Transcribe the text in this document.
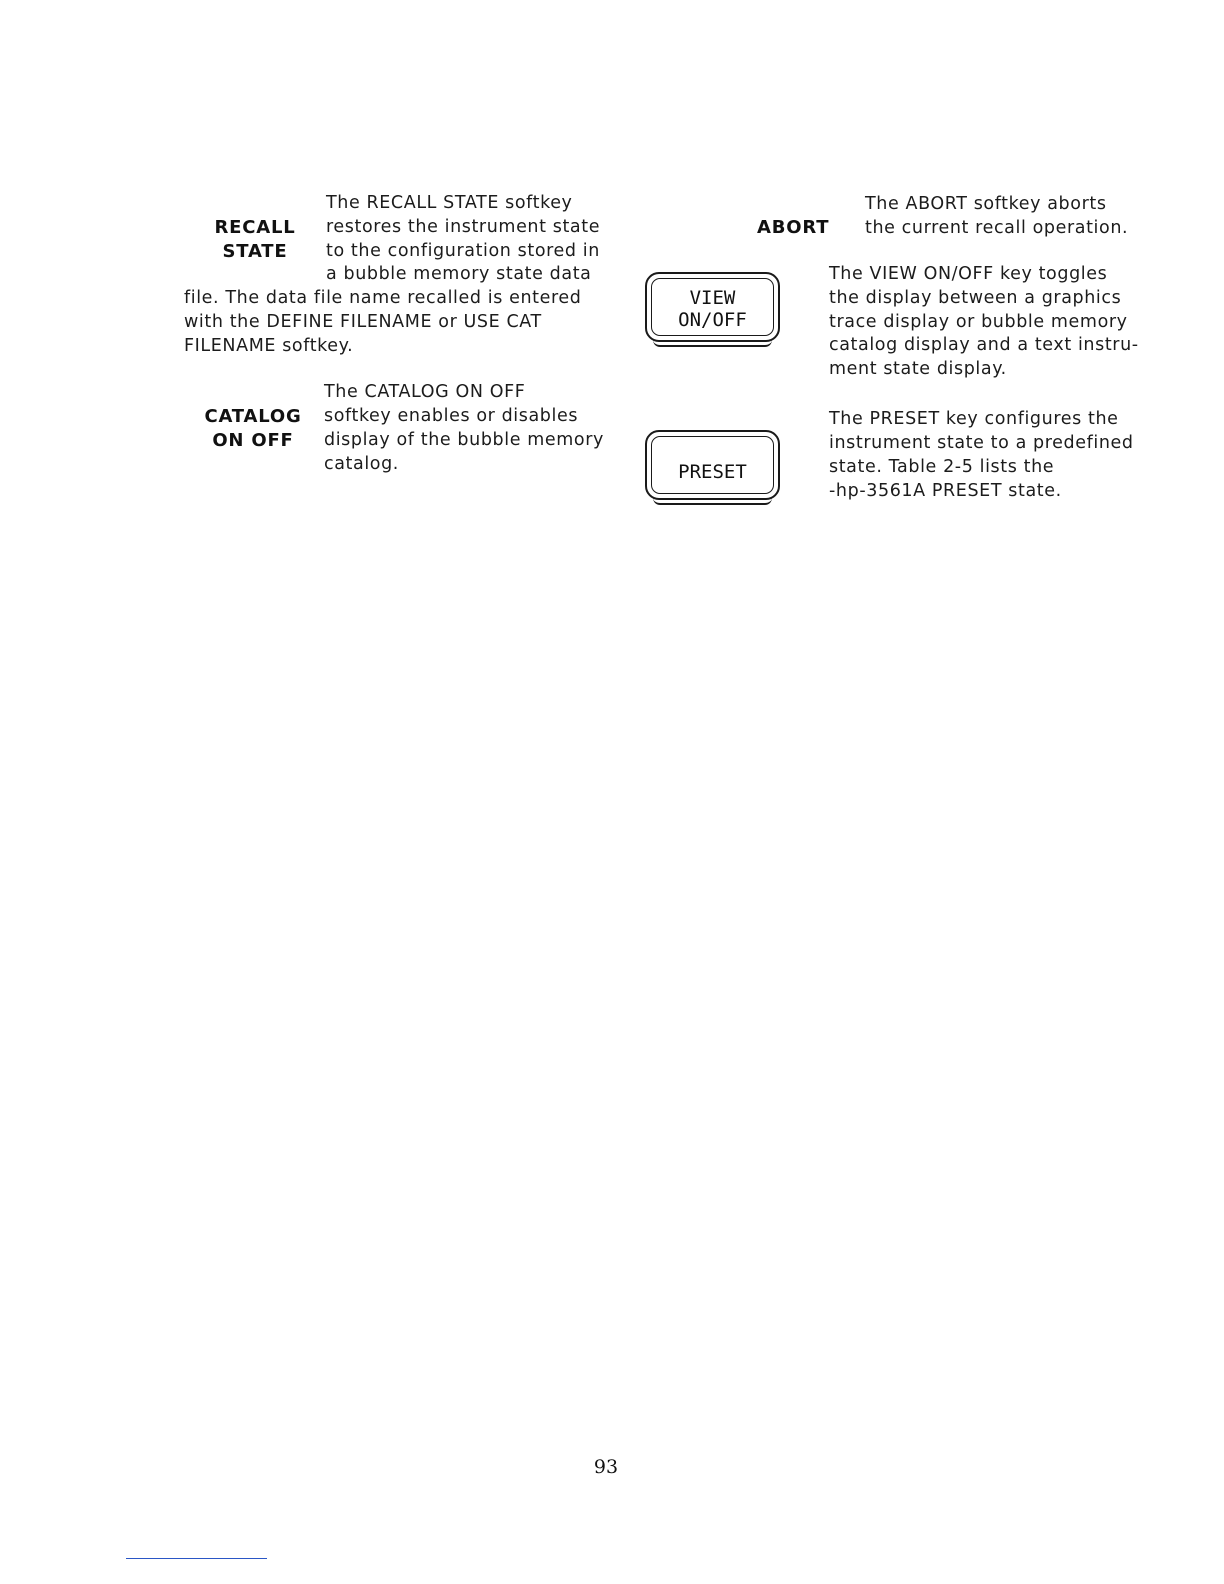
RECALL
STATE
The RECALL STATE softkey
restores the instrument state
to the configuration stored in
a bubble memory state data
file. The data file name recalled is entered
with the DEFINE FILENAME or USE CAT
FILENAME softkey.
CATALOG
ON OFF
The CATALOG ON OFF
softkey enables or disables
display of the bubble memory
catalog.
ABORT
The ABORT softkey aborts
the current recall operation.
VIEW
ON/OFF
The VIEW ON/OFF key toggles
the display between a graphics
trace display or bubble memory
catalog display and a text instru-
ment state display.
PRESET
The PRESET key configures the
instrument state to a predefined
state. Table 2-5 lists the
-hp-3561A PRESET state.
93
